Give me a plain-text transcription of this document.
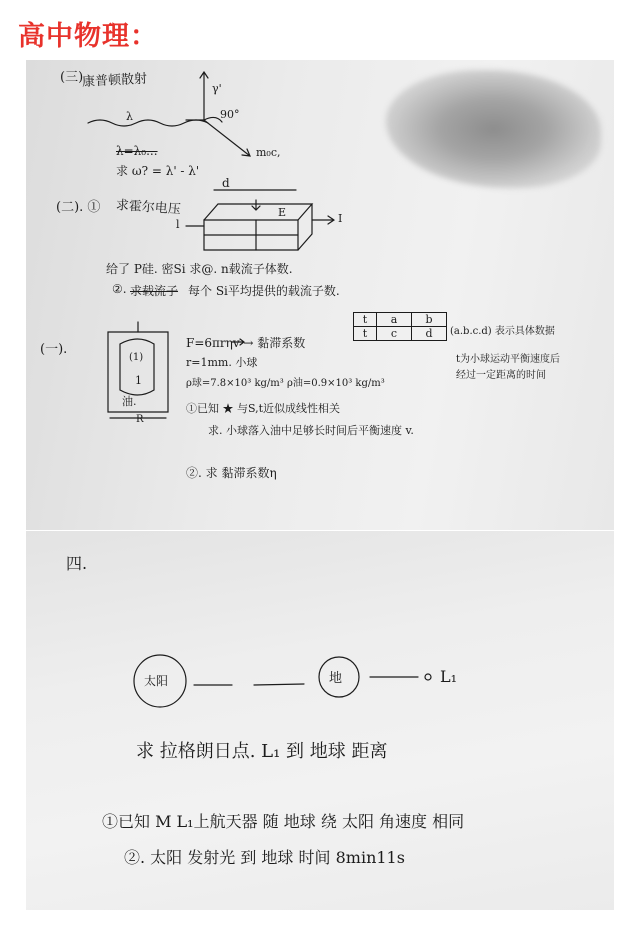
高中物理：
(三)
康普顿散射	γ'
90°
λ
m₀c,
λ=λ₀...
求 ω? = λ' - λ'
(二). ① 求霍尔电压
d
E	I
l
给了 P硅. 密Si 求@. n载流子体数.
②. 求载流子 每个 Si平均提供的载流子数.
(一).
(1)
1
油.
R
F=6πrηv → 黏滞系数
r=1mm. 小球
ρ球=7.8×10³ kg/m³ ρ油=0.9×10³ kg/m³
①已知 ★ 与S,t近似成线性相关
求. 小球落入油中足够长时间后平衡速度 v.
②. 求 黏滞系数η
t	a	b
t	c	d (a.b.c.d) 表示具体数据
t为小球运动平衡速度后
经过一定距离的时间
四.
太阳	地	L₁
求 拉格朗日点. L₁ 到 地球 距离
①已知 M L₁上航天器 随 地球 绕 太阳 角速度 相同
②. 太阳 发射光 到 地球 时间 8min11s
